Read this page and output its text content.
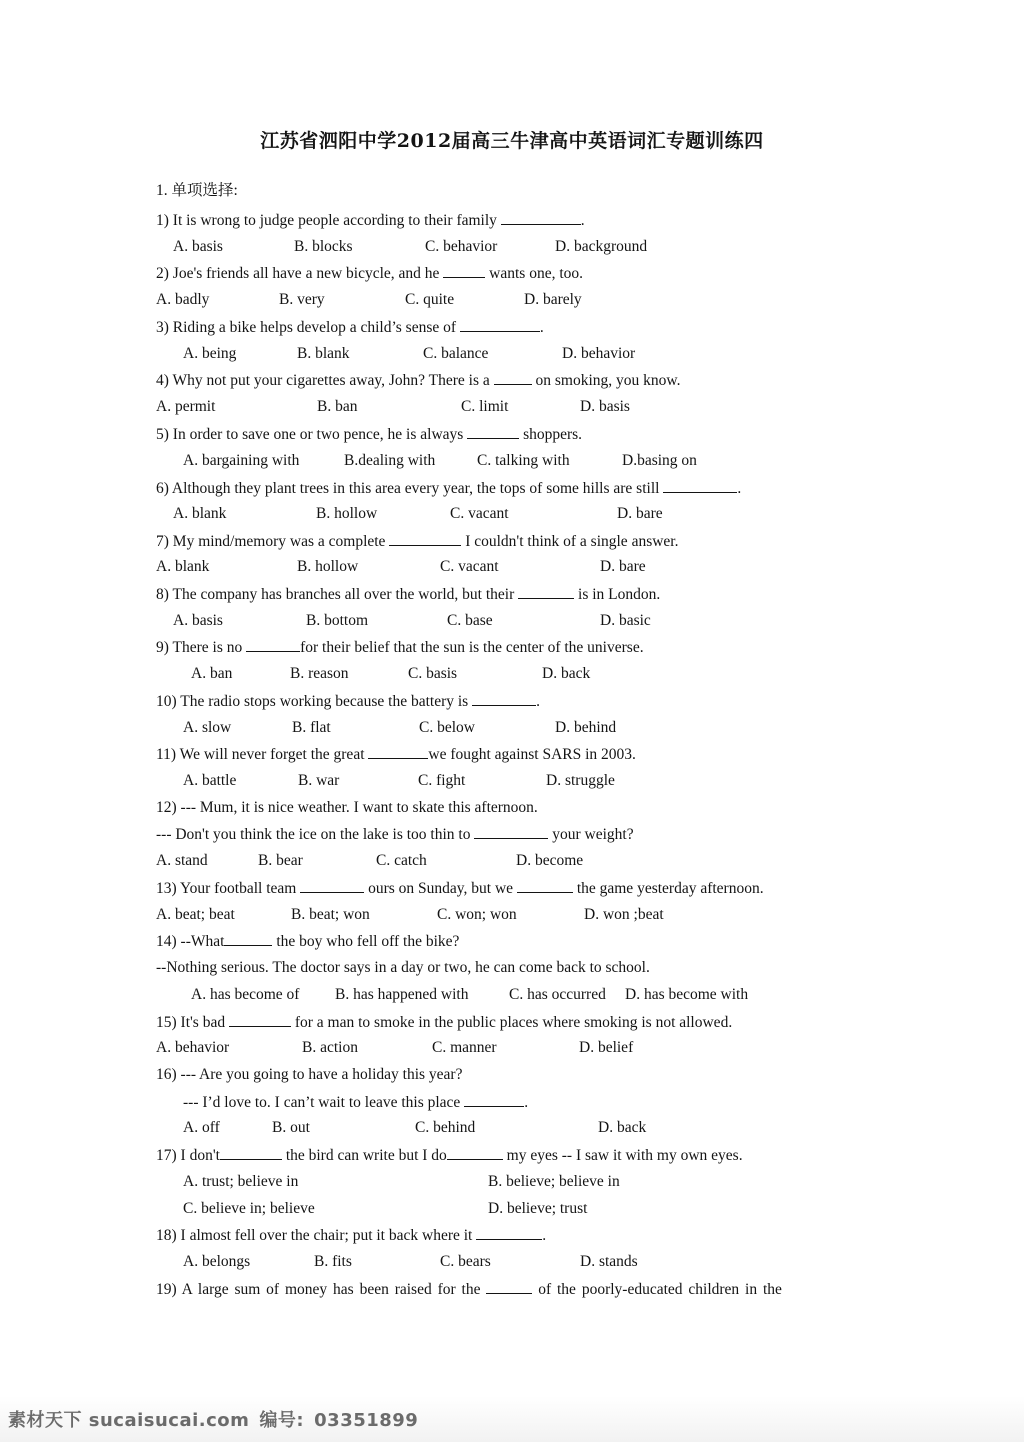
江苏省泗阳中学2012届高三牛津高中英语词汇专题训练四
1. 单项选择:
1) It is wrong to judge people according to their family	.
A. basis	B. blocks	C. behavior	D. background
2) Joe's friends all have a new bicycle, and he	wants one, too.
A. badly	B. very	C. quite	D. barely
3) Riding a bike helps develop a child’s sense of	.
A. being	B. blank	C. balance	D. behavior
4) Why not put your cigarettes away, John? There is a  on smoking, you know.
A. permit	B. ban	C. limit	D. basis
5) In order to save one or two pence, he is always	shoppers.
A. bargaining with	B.dealing with	C. talking with	D.basing on
6) Although they plant trees in this area every year, the tops of some hills are still	.
A. blank	B. hollow	C. vacant	D. bare
7) My mind/memory was a complete	I couldn't think of a single answer.
A. blank	B. hollow	C. vacant	D. bare
8) The company has branches all over the world, but their	is in London.
A. basis	B. bottom	C. base	D. basic
9) There is no	for their belief that the sun is the center of the universe.
A. ban	B. reason	C. basis	D. back
10) The radio stops working because the battery is	.
A. slow	B. flat	C. below	D. behind
11) We will never forget the great	we fought against SARS in 2003.
A. battle	B. war	C. fight	D. struggle
12) --- Mum, it is nice weather. I want to skate this afternoon.
--- Don't you think the ice on the lake is too thin to	your weight?
A. stand	B. bear	C. catch	D. become
13) Your football team	ours on Sunday, but we	the game yesterday afternoon.
A. beat; beat	B. beat; won	C. won; won	D. won ;beat
14) --What	the boy who fell off the bike?
--Nothing serious. The doctor says in a day or two, he can come back to school.
A. has become of B. has happened with	C. has occurred D. has become with
15) It's bad	for a man to smoke in the public places where smoking is not allowed.
A. behavior	B. action	C. manner	D. belief
16) --- Are you going to have a holiday this year?
--- I’d love to. I can’t wait to leave this place	.
A. off	B. out	C. behind	D. back
17) I don't	the bird can write but I do	my eyes -- I saw it with my own eyes.
A. trust; believe in	B. believe; believe in
C. believe in; believe	D. believe; trust
18) I almost fell over the chair; put it back where it	.
A. belongs	B. fits	C. bears	D. stands
19) A large sum of money has been raised for the	of the poorly-educated children in the
素材天下 sucaisucai.com 编号: 03351899
